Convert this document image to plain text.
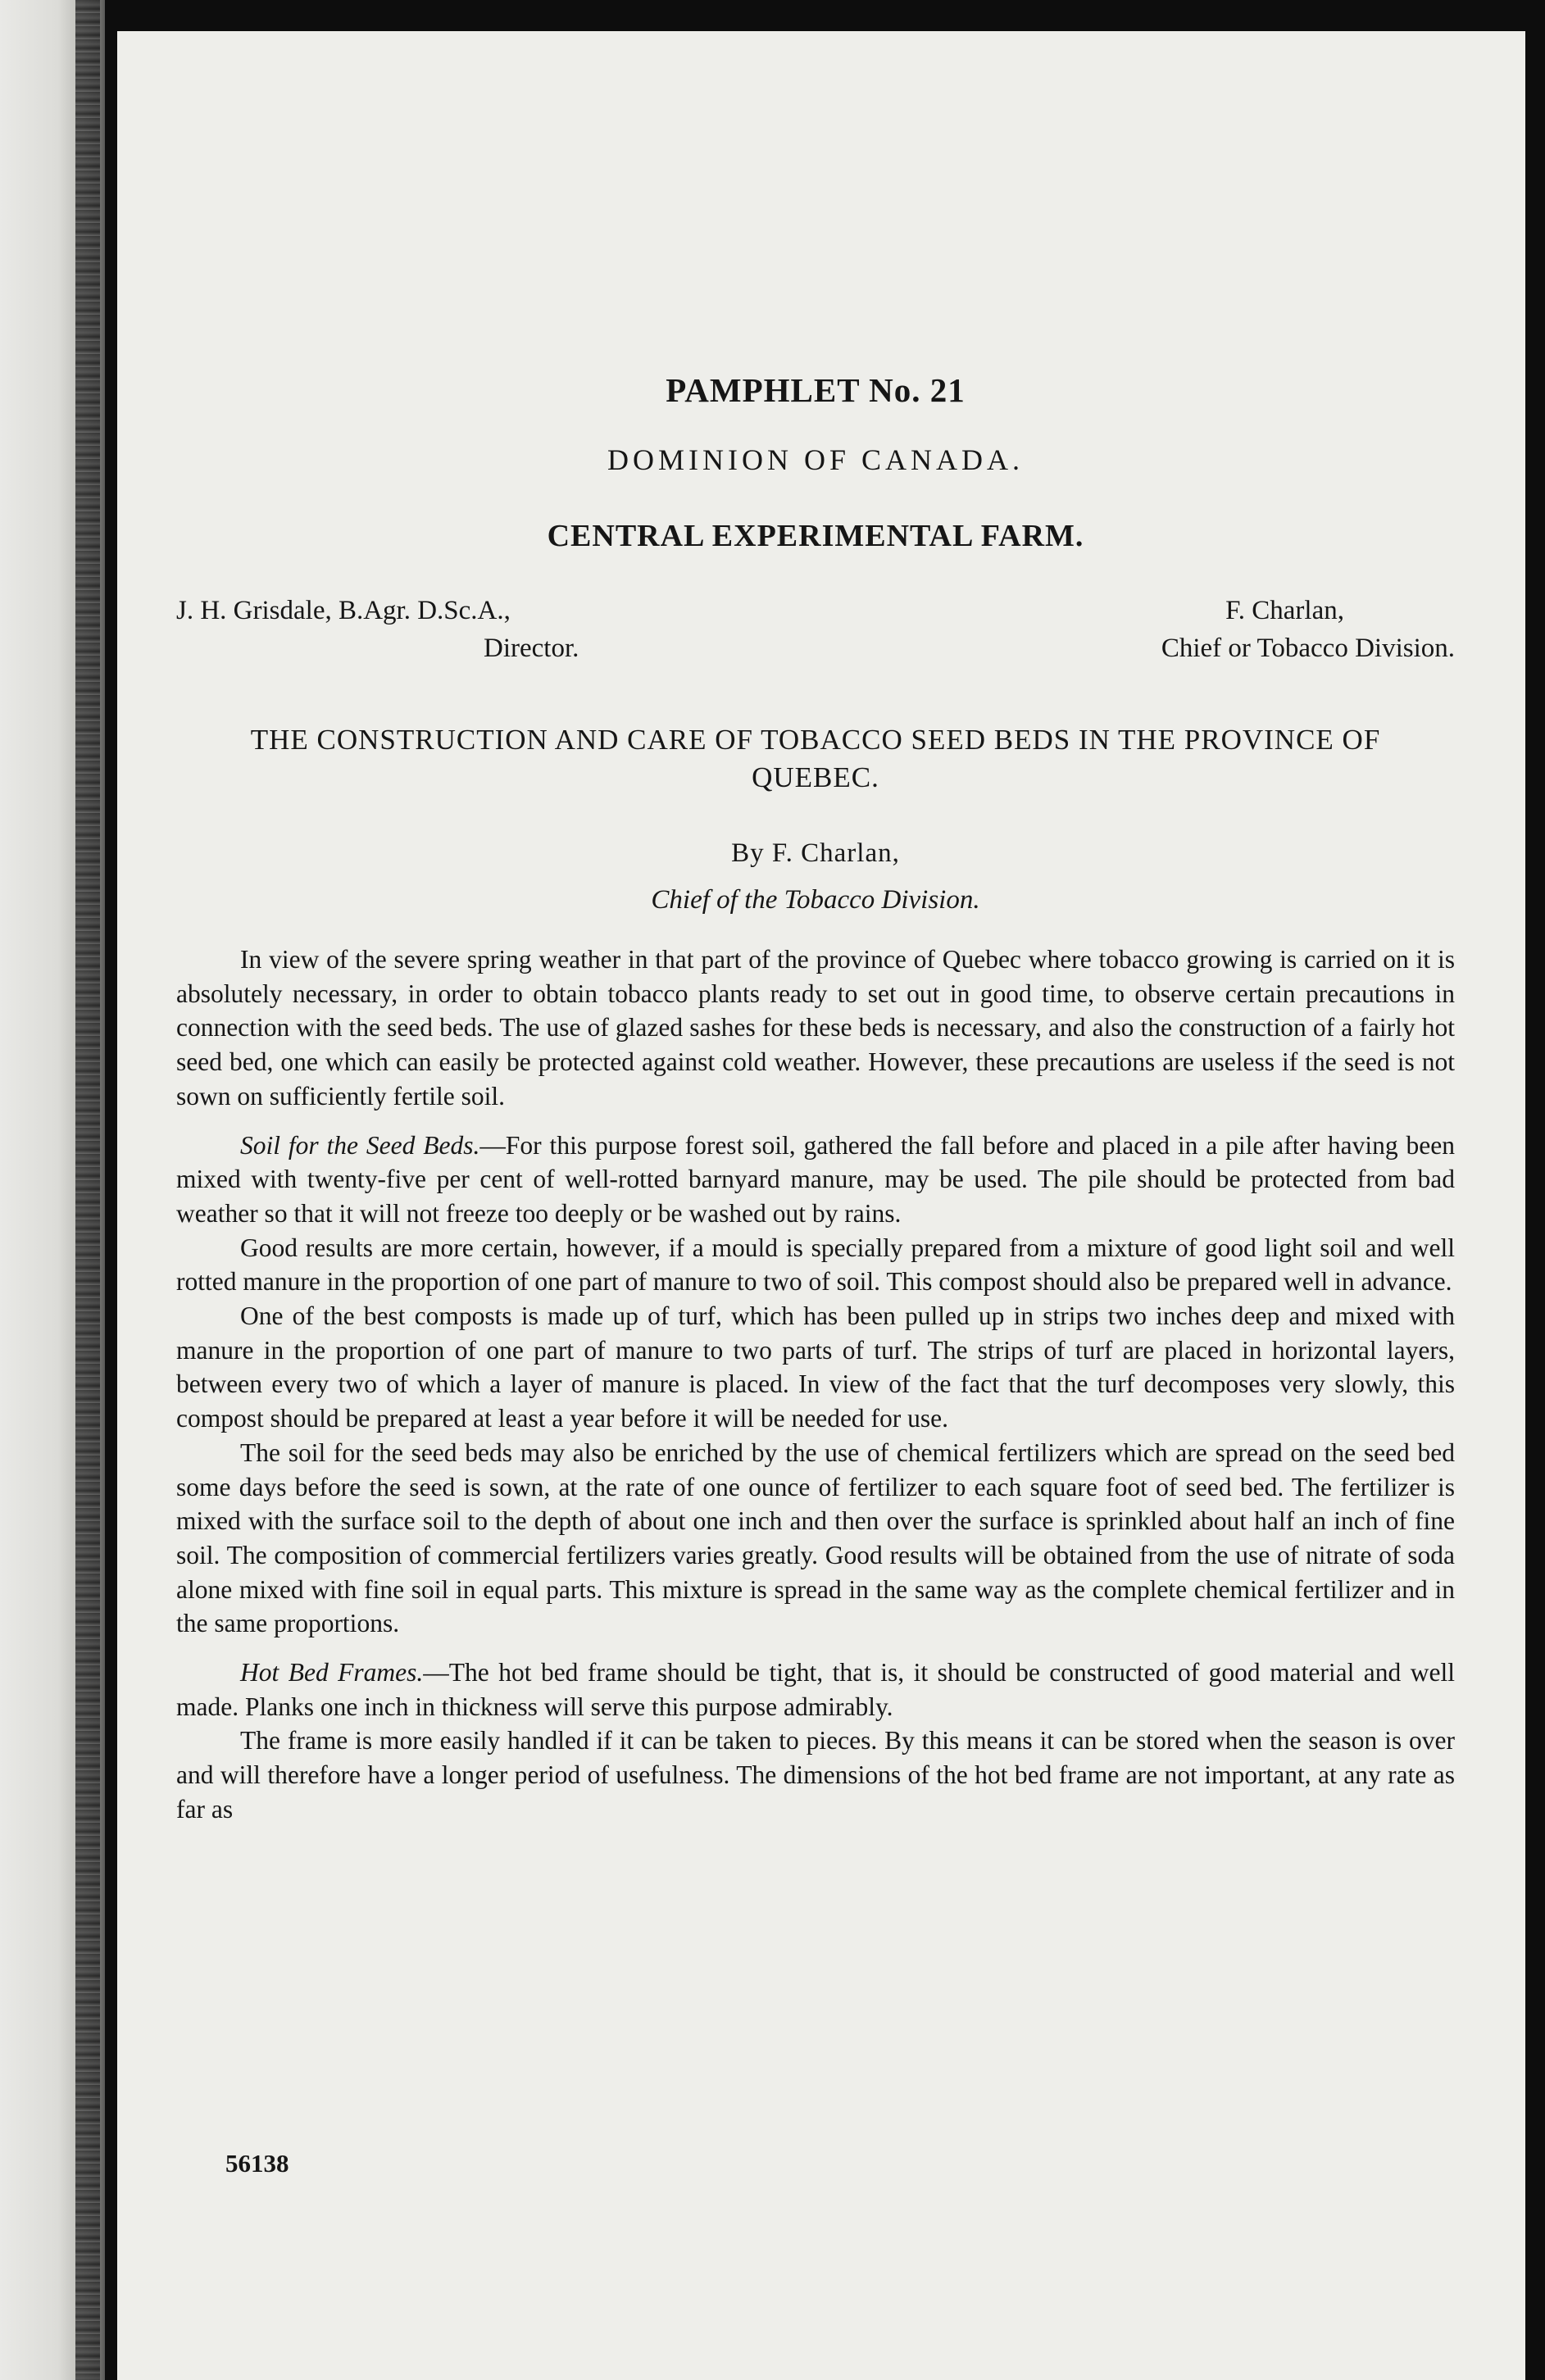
PAMPHLET No. 21
DOMINION OF CANADA.
CENTRAL EXPERIMENTAL FARM.
J. H. Grisdale, B.Agr. D.Sc.A.,
Director.
F. Charlan,
Chief or Tobacco Division.
THE CONSTRUCTION AND CARE OF TOBACCO SEED BEDS IN THE PROVINCE OF QUEBEC.
By F. Charlan,
Chief of the Tobacco Division.

In view of the severe spring weather in that part of the province of Quebec where tobacco growing is carried on it is absolutely necessary, in order to obtain tobacco plants ready to set out in good time, to observe certain precautions in connection with the seed beds. The use of glazed sashes for these beds is necessary, and also the construction of a fairly hot seed bed, one which can easily be protected against cold weather. However, these precautions are useless if the seed is not sown on sufficiently fertile soil.

Soil for the Seed Beds.—For this purpose forest soil, gathered the fall before and placed in a pile after having been mixed with twenty-five per cent of well-rotted barnyard manure, may be used. The pile should be protected from bad weather so that it will not freeze too deeply or be washed out by rains.

Good results are more certain, however, if a mould is specially prepared from a mixture of good light soil and well rotted manure in the proportion of one part of manure to two of soil. This compost should also be prepared well in advance.

One of the best composts is made up of turf, which has been pulled up in strips two inches deep and mixed with manure in the proportion of one part of manure to two parts of turf. The strips of turf are placed in horizontal layers, between every two of which a layer of manure is placed. In view of the fact that the turf decomposes very slowly, this compost should be prepared at least a year before it will be needed for use.

The soil for the seed beds may also be enriched by the use of chemical fertilizers which are spread on the seed bed some days before the seed is sown, at the rate of one ounce of fertilizer to each square foot of seed bed. The fertilizer is mixed with the surface soil to the depth of about one inch and then over the surface is sprinkled about half an inch of fine soil. The composition of commercial fertilizers varies greatly. Good results will be obtained from the use of nitrate of soda alone mixed with fine soil in equal parts. This mixture is spread in the same way as the complete chemical fertilizer and in the same proportions.

Hot Bed Frames.—The hot bed frame should be tight, that is, it should be constructed of good material and well made. Planks one inch in thickness will serve this purpose admirably.

The frame is more easily handled if it can be taken to pieces. By this means it can be stored when the season is over and will therefore have a longer period of usefulness. The dimensions of the hot bed frame are not important, at any rate as far as

56138
